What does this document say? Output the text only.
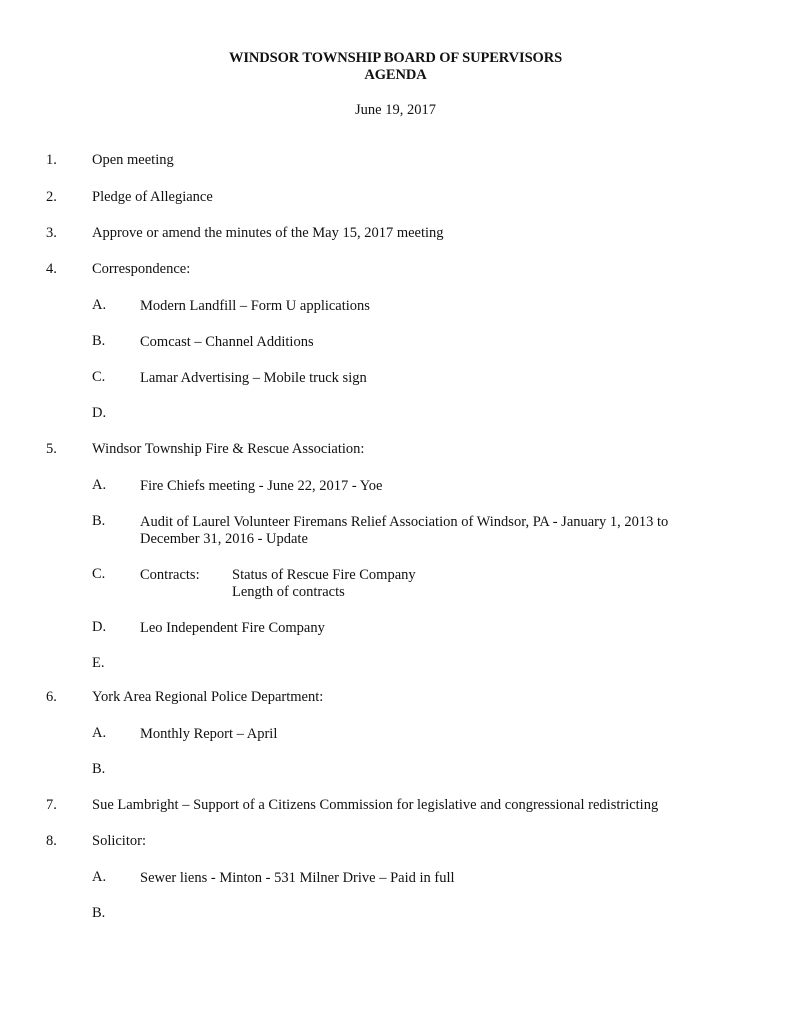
WINDSOR TOWNSHIP BOARD OF SUPERVISORS
AGENDA
June 19, 2017
1. Open meeting
2. Pledge of Allegiance
3. Approve or amend the minutes of the May 15, 2017 meeting
4. Correspondence:
A. Modern Landfill – Form U applications
B. Comcast – Channel Additions
C. Lamar Advertising – Mobile truck sign
D.
5. Windsor Township Fire & Rescue Association:
A. Fire Chiefs meeting - June 22, 2017 - Yoe
B. Audit of Laurel Volunteer Firemans Relief Association of Windsor, PA - January 1, 2013 to
December 31, 2016 - Update
C. Contracts: Status of Rescue Fire Company
Length of contracts
D. Leo Independent Fire Company
E.
6. York Area Regional Police Department:
A. Monthly Report – April
B.
7. Sue Lambright – Support of a Citizens Commission for legislative and congressional redistricting
8. Solicitor:
A. Sewer liens - Minton - 531 Milner Drive – Paid in full
B.
